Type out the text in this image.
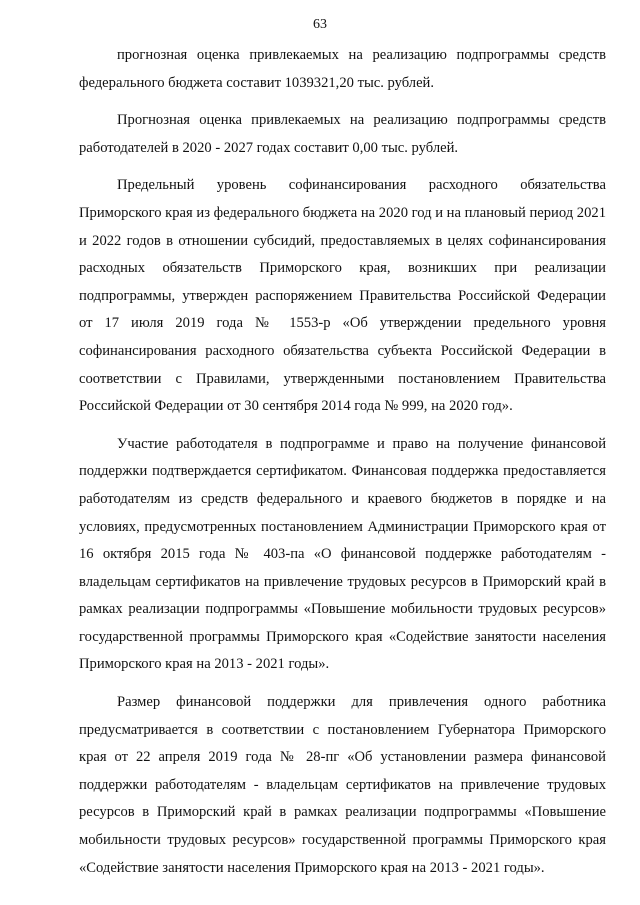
63

прогнозная оценка привлекаемых на реализацию подпрограммы средств федерального бюджета составит 1039321,20 тыс. рублей.

Прогнозная оценка привлекаемых на реализацию подпрограммы средств работодателей в 2020 - 2027 годах составит 0,00 тыс. рублей.

Предельный уровень софинансирования расходного обязательства Приморского края из федерального бюджета на 2020 год и на плановый период 2021 и 2022 годов в отношении субсидий, предоставляемых в целях софинансирования расходных обязательств Приморского края, возникших при реализации подпрограммы, утвержден распоряжением Правительства Российской Федерации от 17 июля 2019 года № 1553-р «Об утверждении предельного уровня софинансирования расходного обязательства субъекта Российской Федерации в соответствии с Правилами, утвержденными постановлением Правительства Российской Федерации от 30 сентября 2014 года № 999, на 2020 год».

Участие работодателя в подпрограмме и право на получение финансовой поддержки подтверждается сертификатом. Финансовая поддержка предоставляется работодателям из средств федерального и краевого бюджетов в порядке и на условиях, предусмотренных постановлением Администрации Приморского края от 16 октября 2015 года № 403-па «О финансовой поддержке работодателям - владельцам сертификатов на привлечение трудовых ресурсов в Приморский край в рамках реализации подпрограммы «Повышение мобильности трудовых ресурсов» государственной программы Приморского края «Содействие занятости населения Приморского края на 2013 - 2021 годы».

Размер финансовой поддержки для привлечения одного работника предусматривается в соответствии с постановлением Губернатора Приморского края от 22 апреля 2019 года № 28-пг «Об установлении размера финансовой поддержки работодателям - владельцам сертификатов на привлечение трудовых ресурсов в Приморский край в рамках реализации подпрограммы «Повышение мобильности трудовых ресурсов» государственной программы Приморского края «Содействие занятости населения Приморского края на 2013 - 2021 годы».
